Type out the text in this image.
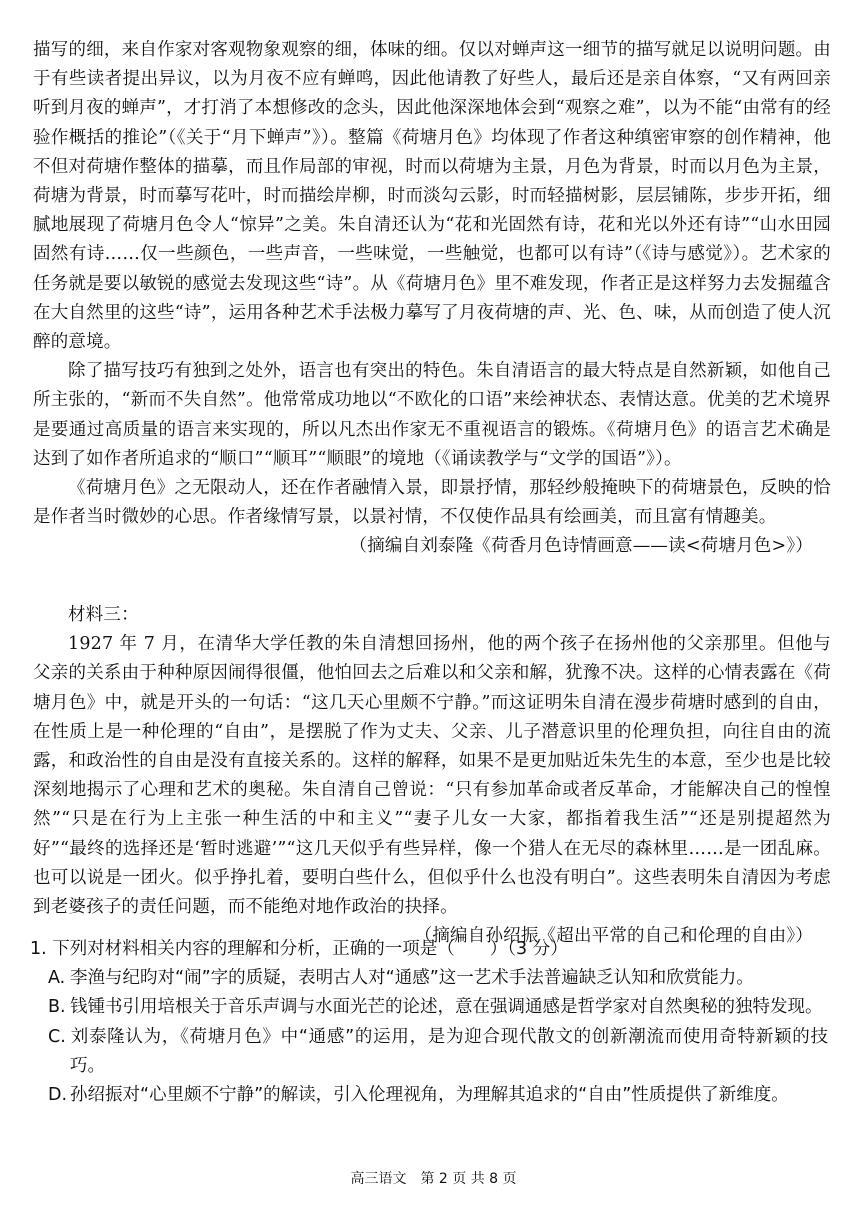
描写的细，来自作家对客观物象观察的细，体味的细。仅以对蝉声这一细节的描写就足以说明问题。由于有些读者提出异议，以为月夜不应有蝉鸣，因此他请教了好些人，最后还是亲自体察，“又有两回亲听到月夜的蝉声”，才打消了本想修改的念头，因此他深深地体会到“观察之难”，以为不能“由常有的经验作概括的推论”（《关于“月下蝉声”》）。整篇《荷塘月色》均体现了作者这种缜密审察的创作精神，他不但对荷塘作整体的描摹，而且作局部的审视，时而以荷塘为主景，月色为背景，时而以月色为主景，荷塘为背景，时而摹写花叶，时而描绘岸柳，时而淡勾云影，时而轻描树影，层层铺陈，步步开拓，细腻地展现了荷塘月色令人“惊异”之美。朱自清还认为“花和光固然有诗，花和光以外还有诗”“山水田园固然有诗……仅一些颜色，一些声音，一些味觉，一些触觉，也都可以有诗”（《诗与感觉》）。艺术家的任务就是要以敏锐的感觉去发现这些“诗”。从《荷塘月色》里不难发现，作者正是这样努力去发掘蕴含在大自然里的这些“诗”，运用各种艺术手法极力摹写了月夜荷塘的声、光、色、味，从而创造了使人沉醉的意境。

除了描写技巧有独到之处外，语言也有突出的特色。朱自清语言的最大特点是自然新颖，如他自己所主张的，“新而不失自然”。他常常成功地以“不欧化的口语”来绘神状态、表情达意。优美的艺术境界是要通过高质量的语言来实现的，所以凡杰出作家无不重视语言的锻炼。《荷塘月色》的语言艺术确是达到了如作者所追求的“顺口”“顺耳”“顺眼”的境地（《诵读教学与“文学的国语”》）。

《荷塘月色》之无限动人，还在作者融情入景，即景抒情，那轻纱般掩映下的荷塘景色，反映的恰是作者当时微妙的心思。作者缘情写景，以景衬情，不仅使作品具有绘画美，而且富有情趣美。

（摘编自刘泰隆《荷香月色诗情画意——读<荷塘月色>》）

材料三：

1927 年 7 月，在清华大学任教的朱自清想回扬州，他的两个孩子在扬州他的父亲那里。但他与父亲的关系由于种种原因闹得很僵，他怕回去之后难以和父亲和解，犹豫不决。这样的心情表露在《荷塘月色》中，就是开头的一句话：“这几天心里颇不宁静。”而这证明朱自清在漫步荷塘时感到的自由，在性质上是一种伦理的“自由”，是摆脱了作为丈夫、父亲、儿子潜意识里的伦理负担，向往自由的流露，和政治性的自由是没有直接关系的。这样的解释，如果不是更加贴近朱先生的本意，至少也是比较深刻地揭示了心理和艺术的奥秘。朱自清自己曾说：“只有参加革命或者反革命，才能解决自己的惶惶然”“只是在行为上主张一种生活的中和主义”“妻子儿女一大家，都指着我生活”“还是别提超然为好”“最终的选择还是‘暂时逃避’”“这几天似乎有些异样，像一个猎人在无尽的森林里……是一团乱麻。也可以说是一团火。似乎挣扎着，要明白些什么，但似乎什么也没有明白”。这些表明朱自清因为考虑到老婆孩子的责任问题，而不能绝对地作政治的抉择。

（摘编自孙绍振《超出平常的自己和伦理的自由》）

1. 下列对材料相关内容的理解和分析，正确的一项是（　　）（3 分）

A. 李渔与纪昀对“闹”字的质疑，表明古人对“通感”这一艺术手法普遍缺乏认知和欣赏能力。

B. 钱锺书引用培根关于音乐声调与水面光芒的论述，意在强调通感是哲学家对自然奥秘的独特发现。

C. 刘泰隆认为，《荷塘月色》中“通感”的运用，是为迎合现代散文的创新潮流而使用奇特新颖的技巧。

D. 孙绍振对“心里颇不宁静”的解读，引入伦理视角，为理解其追求的“自由”性质提供了新维度。

高三语文　第 2 页 共 8 页
